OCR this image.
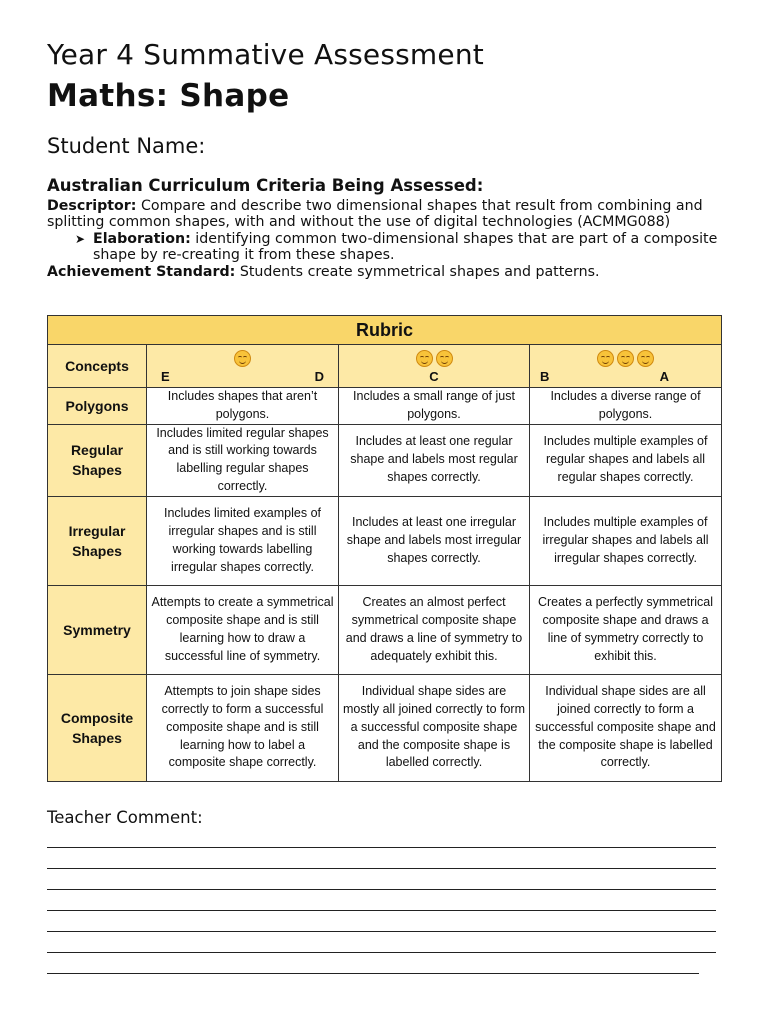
Year 4 Summative Assessment
Maths: Shape
Student Name:
Australian Curriculum Criteria Being Assessed:
Descriptor: Compare and describe two dimensional shapes that result from combining and splitting common shapes, with and without the use of digital technologies (ACMMG088)
➤ Elaboration: identifying common two-dimensional shapes that are part of a composite shape by re-creating it from these shapes.
Achievement Standard: Students create symmetrical shapes and patterns.
Rubric			
Concepts	E D	C	B A

Polygons	Includes shapes that aren’t polygons.	Includes a small range of just polygons.	Includes a diverse range of polygons.
Regular Shapes	Includes limited regular shapes and is still working towards labelling regular shapes correctly.	Includes at least one regular shape and labels most regular shapes correctly.	Includes multiple examples of regular shapes and labels all regular shapes correctly.
Irregular Shapes	Includes limited examples of irregular shapes and is still working towards labelling irregular shapes correctly.	Includes at least one irregular shape and labels most irregular shapes correctly.	Includes multiple examples of irregular shapes and labels all irregular shapes correctly.
Symmetry	Attempts to create a symmetrical composite shape and is still learning how to draw a successful line of symmetry.	Creates an almost perfect symmetrical composite shape and draws a line of symmetry to adequately exhibit this.	Creates a perfectly symmetrical composite shape and draws a line of symmetry correctly to exhibit this.
Composite Shapes	Attempts to join shape sides correctly to form a successful composite shape and is still learning how to label a composite shape correctly.	Individual shape sides are mostly all joined correctly to form a successful composite shape and the composite shape is labelled correctly.	Individual shape sides are all joined correctly to form a successful composite shape and the composite shape is labelled correctly.
Teacher Comment:
